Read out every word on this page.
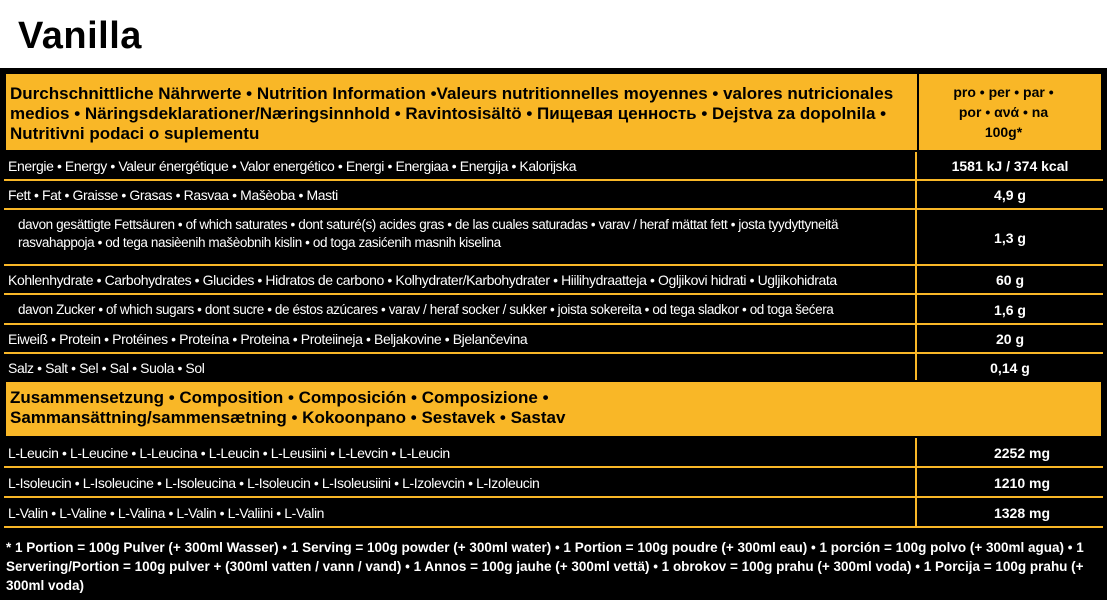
Vanilla
Durchschnittliche Nährwerte • Nutrition Information •Valeurs nutritionnelles moyennes • valores nutricionales medios • Näringsdeklarationer/Næringsinnhold • Ravintosisältö • Пищевая ценность • Dejstva za dopolnila • Nutritivni podaci o suplementu
pro • per • par • por • ανά • na 100g*
Energie • Energy • Valeur énergétique • Valor energético • Energi • Energiaa • Energija • Kalorijska	1581 kJ / 374 kcal
Fett • Fat • Graisse • Grasas • Rasvaa • Mašèoba • Masti	4,9 g
davon gesättigte Fettsäuren • of which saturates • dont saturé(s) acides gras • de las cuales saturadas • varav / heraf mättat fett • josta tyydyttyneitä rasvahappoja • od tega nasièenih mašèobnih kislin • od toga zasićenih masnih kiselina	1,3 g
Kohlenhydrate • Carbohydrates • Glucides • Hidratos de carbono • Kolhydrater/Karbohydrater • Hiilihydraatteja • Ogljikovi hidrati • Ugljikohidrata	60 g
davon Zucker • of which sugars • dont sucre • de éstos azúcares • varav / heraf socker / sukker • joista sokereita • od tega sladkor • od toga šećera	1,6 g
Eiweiß • Protein • Protéines • Proteína • Proteina • Proteiineja • Beljakovine • Bjelančevina	20 g
Salz • Salt • Sel • Sal • Suola • Sol	0,14 g
Zusammensetzung • Composition • Composición • Composizione • Sammansättning/sammensætning • Kokoonpano • Sestavek • Sastav
L-Leucin • L-Leucine • L-Leucina • L-Leucin • L-Leusiini • L-Levcin • L-Leucin	2252 mg
L-Isoleucin • L-Isoleucine • L-Isoleucina • L-Isoleucin • L-Isoleusiini • L-Izolevcin • L-Izoleucin	1210 mg
L-Valin • L-Valine • L-Valina • L-Valin • L-Valiini • L-Valin	1328 mg
* 1 Portion = 100g Pulver (+ 300ml Wasser) • 1 Serving = 100g powder (+ 300ml water) • 1 Portion = 100g poudre (+ 300ml eau) • 1 porción = 100g polvo (+ 300ml agua) • 1 Servering/Portion = 100g pulver + (300ml vatten / vann / vand) • 1 Annos = 100g jauhe (+ 300ml vettä) • 1 obrokov = 100g prahu (+ 300ml voda) • 1 Porcija = 100g prahu (+ 300ml voda)
